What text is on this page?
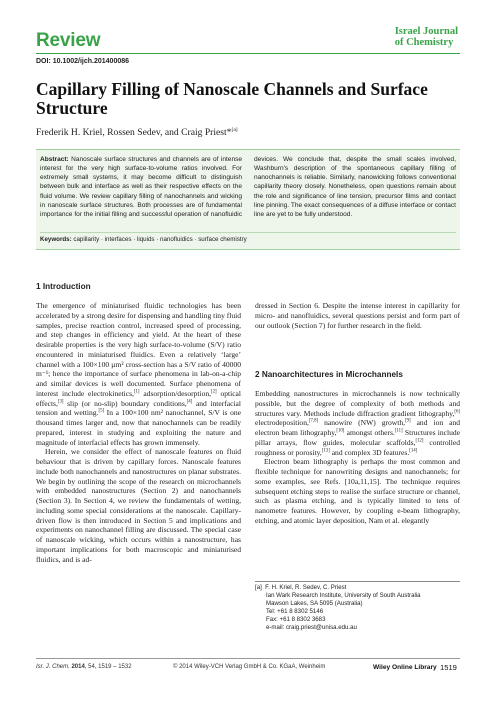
Review	Israel Journal
of Chemistry
DOI: 10.1002/ijch.201400086
Capillary Filling of Nanoscale Channels and Surface
Structure
Frederik H. Kriel, Rossen Sedev, and Craig Priest*[a]
Abstract: Nanoscale surface structures and channels are of intense interest for the very high surface-to-volume ratios involved. For extremely small systems, it may become difficult to distinguish between bulk and interface as well as their respective effects on the fluid volume. We review capillary filling of nanochannels and wicking in nanoscale surface structures. Both processes are of fundamental importance for the initial filling and successful operation of nanofluidic devices. We conclude that, despite the small scales involved, Washburn's description of the spontaneous capillary filling of nanochannels is reliable. Similarly, nanowicking follows conventional capillarity theory closely. Nonetheless, open questions remain about the role and significance of line tension, precursor films and contact line pinning. The exact consequences of a diffuse interface or contact line are yet to be fully understood.
Keywords: capillarity · interfaces · liquids · nanofluidics · surface chemistry
1 Introduction

The emergence of miniaturised fluidic technologies has been accelerated by a strong desire for dispensing and handling tiny fluid samples, precise reaction control, increased speed of processing, and step changes in efficiency and yield. At the heart of these desirable properties is the very high surface-to-volume (S/V) ratio encountered in miniaturised fluidics. Even a relatively ‘large’ channel with a 100×100 µm² cross-section has a S/V ratio of 40000 m⁻¹; hence the importance of surface phenomena in lab-on-a-chip and similar devices is well documented. Surface phenomena of interest include electrokinetics,[1] adsorption/desorption,[2] optical effects,[3] slip (or no-slip) boundary conditions,[4] and interfacial tension and wetting.[5] In a 100×100 nm² nanochannel, S/V is one thousand times larger and, now that nanochannels can be readily prepared, interest in studying and exploiting the nature and magnitude of interfacial effects has grown immensely.

Herein, we consider the effect of nanoscale features on fluid behaviour that is driven by capillary forces. Nanoscale features include both nanochannels and nanostructures on planar substrates. We begin by outlining the scope of the research on microchannels with embedded nanostructures (Section 2) and nanochannels (Section 3). In Section 4, we review the fundamentals of wetting, including some special considerations at the nanoscale. Capillary-driven flow is then introduced in Section 5 and implications and experiments on nanochannel filling are discussed. The special case of nanoscale wicking, which occurs within a nanostructure, has important implications for both macroscopic and miniaturised fluidics, and is ad-

dressed in Section 6. Despite the intense interest in capillarity for micro- and nanofluidics, several questions persist and form part of our outlook (Section 7) for further research in the field.

2 Nanoarchitectures in Microchannels

Embedding nanostructures in microchannels is now technically possible, but the degree of complexity of both methods and structures vary. Methods include diffraction gradient lithography,[6] electrodeposition,[7,8] nanowire (NW) growth,[9] and ion and electron beam lithography,[10] amongst others.[11] Structures include pillar arrays, flow guides, molecular scaffolds,[12] controlled roughness or porosity,[13] and complex 3D features.[14]

Electron beam lithography is perhaps the most common and flexible technique for nanowriting designs and nanochannels; for some examples, see Refs. [10a,11,15]. The technique requires subsequent etching steps to realise the surface structure or channel, such as plasma etching, and is typically limited to tens of nanometre features. However, by coupling e-beam lithography, etching, and atomic layer deposition, Nam et al. elegantly

[a] F. H. Kriel, R. Sedev, C. Priest
Ian Wark Research Institute, University of South Australia
Mawson Lakes, SA 5095 (Australia)
Tel: +61 8 8302 5146
Fax: +61 8 8302 3683
e-mail: craig.priest@unisa.edu.au
Isr. J. Chem. 2014, 54, 1519 – 1532	© 2014 Wiley-VCH Verlag GmbH & Co. KGaA, Weinheim	Wiley Online Library 1519
